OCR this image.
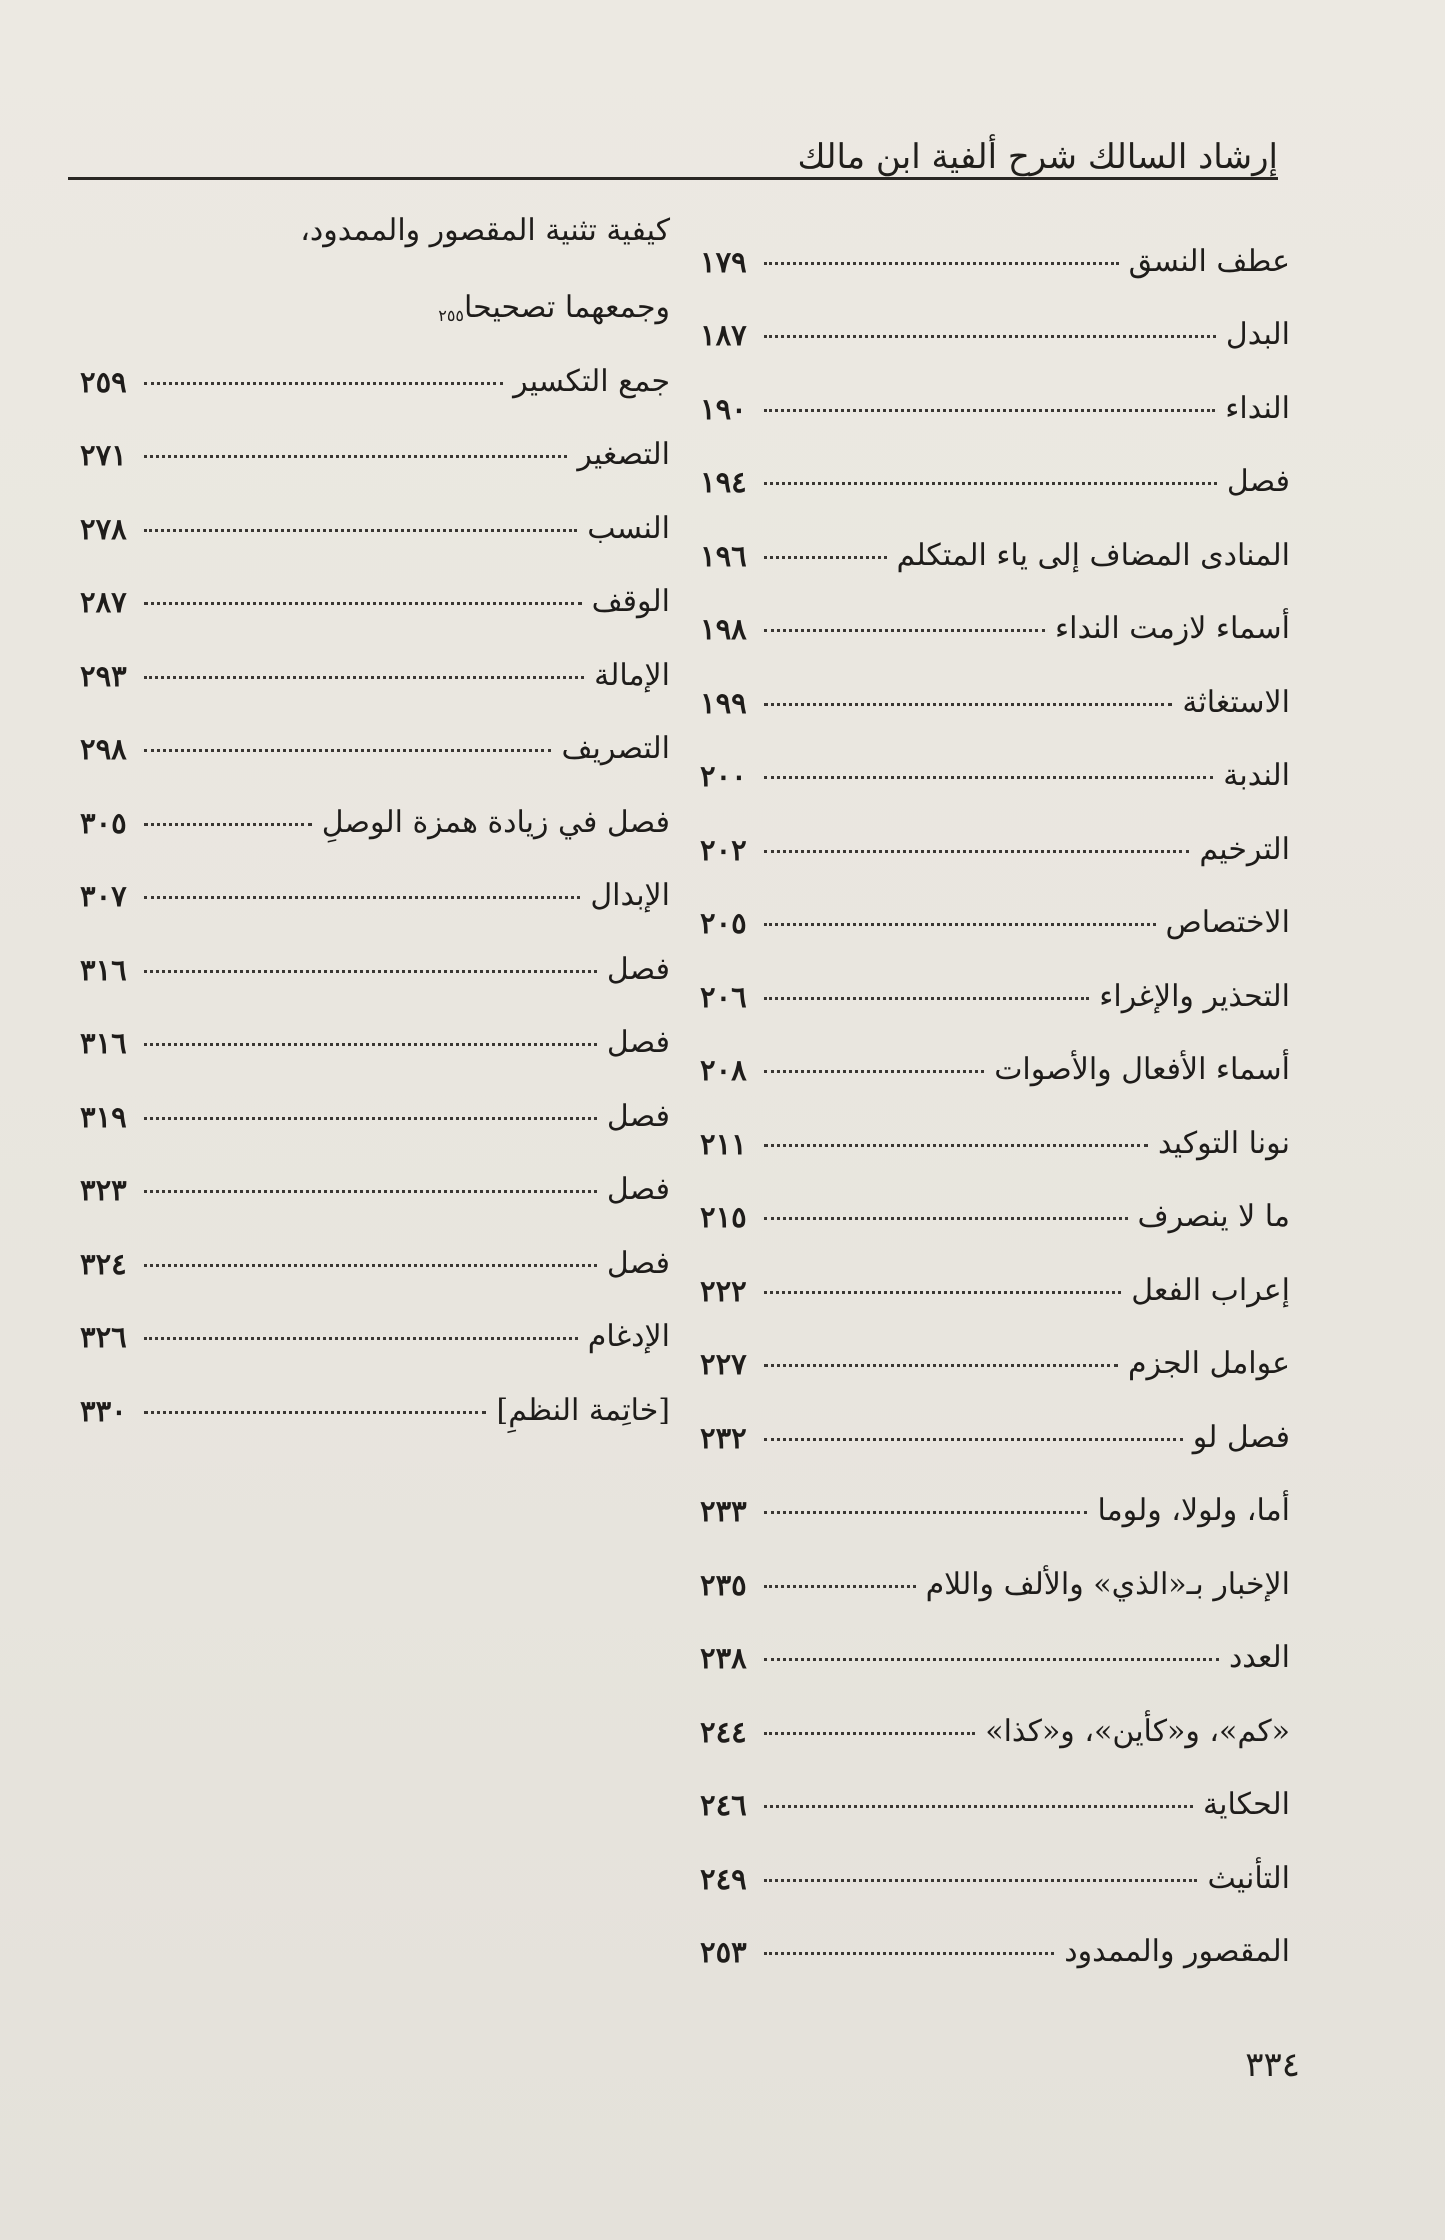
إرشاد السالك شرح ألفية ابن مالك
عطف النسق
١٧٩
البدل
١٨٧
النداء
١٩٠
فصل
١٩٤
المنادى المضاف إلى ياء المتكلم
١٩٦
أسماء لازمت النداء
١٩٨
الاستغاثة
١٩٩
الندبة
٢٠٠
الترخيم
٢٠٢
الاختصاص
٢٠٥
التحذير والإغراء
٢٠٦
أسماء الأفعال والأصوات
٢٠٨
نونا التوكيد
٢١١
ما لا ينصرف
٢١٥
إعراب الفعل
٢٢٢
عوامل الجزم
٢٢٧
فصل لو
٢٣٢
أما، ولولا، ولوما
٢٣٣
الإخبار بـ«الذي» والألف واللام
٢٣٥
العدد
٢٣٨
«كم»، و«كأين»، و«كذا»
٢٤٤
الحكاية
٢٤٦
التأنيث
٢٤٩
المقصور والممدود
٢٥٣
كيفية تثنية المقصور والممدود،
وجمعهما تصحيحا
٢٥٥
جمع التكسير
٢٥٩
التصغير
٢٧١
النسب
٢٧٨
الوقف
٢٨٧
الإمالة
٢٩٣
التصريف
٢٩٨
فصل في زيادة همزة الوصلِ
٣٠٥
الإبدال
٣٠٧
فصل
٣١٦
فصل
٣١٦
فصل
٣١٩
فصل
٣٢٣
فصل
٣٢٤
الإدغام
٣٢٦
[خاتِمة النظمِ]
٣٣٠
٣٣٤
